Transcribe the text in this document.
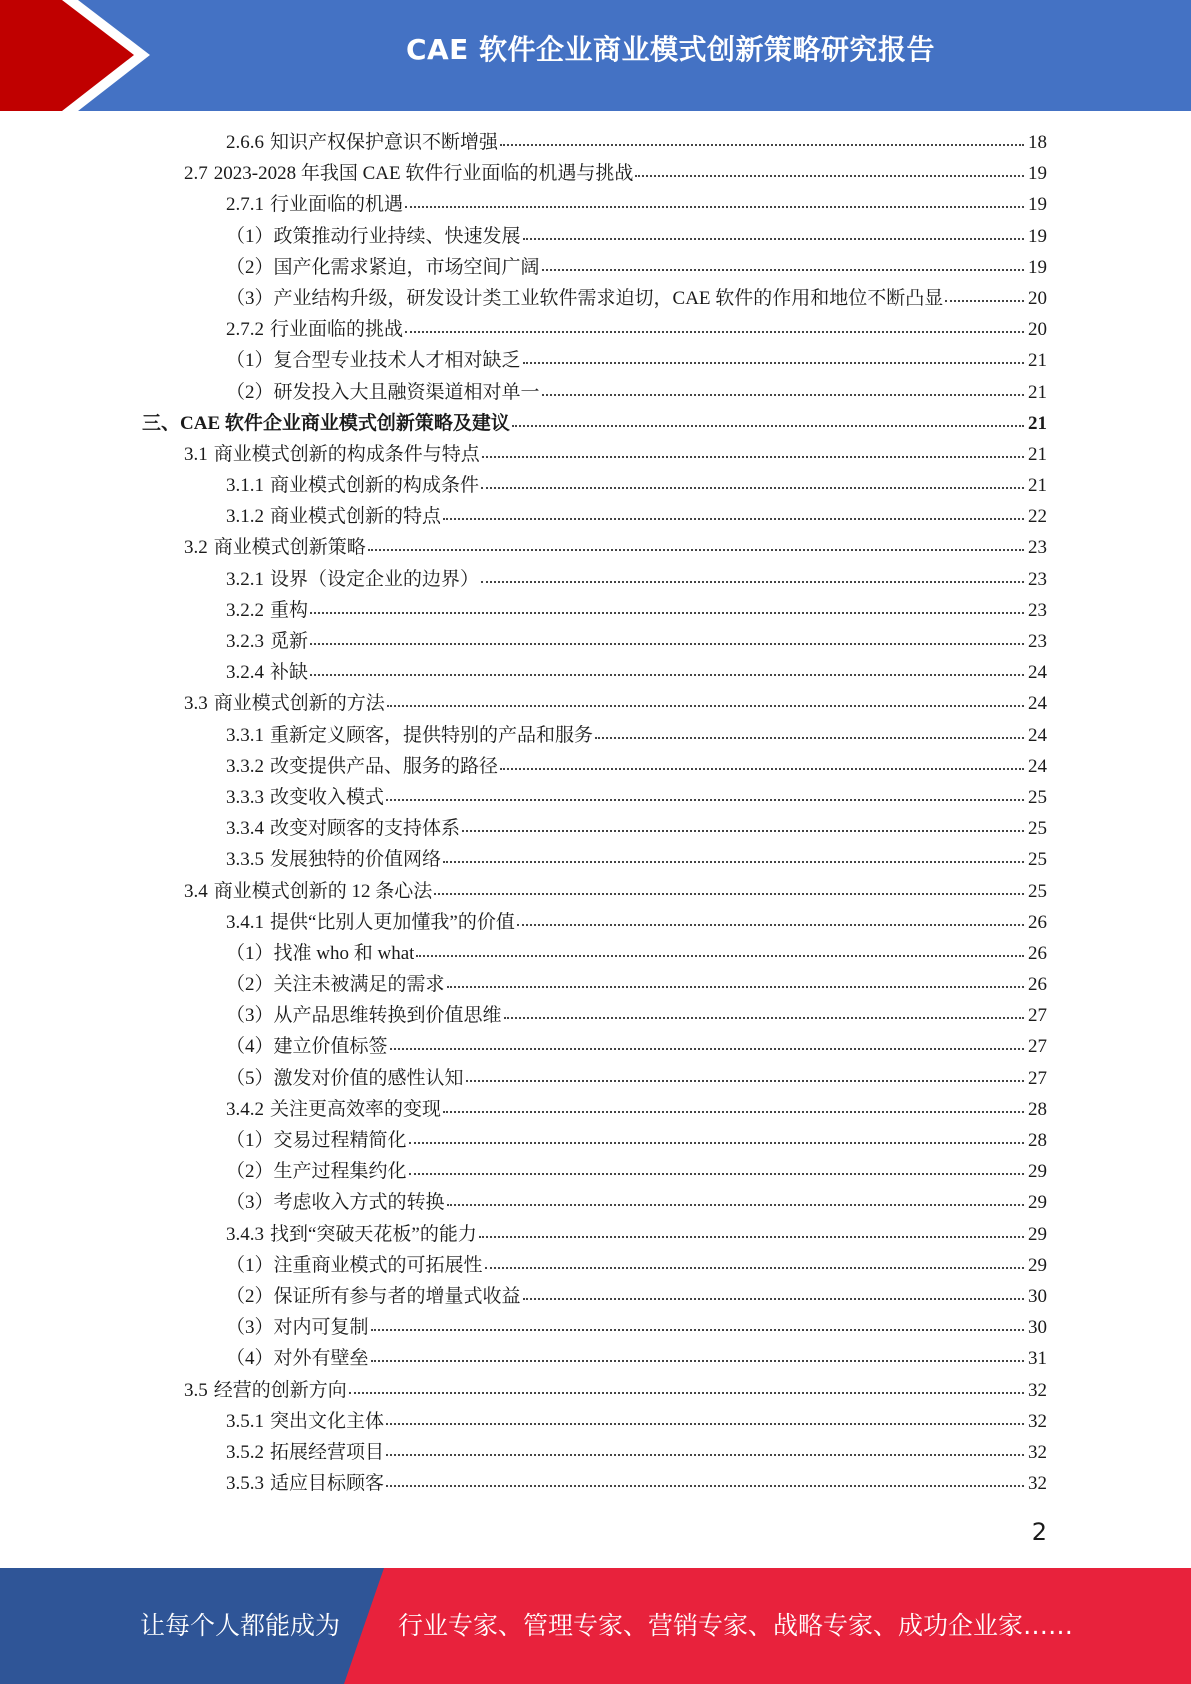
CAE 软件企业商业模式创新策略研究报告
2.6.6 知识产权保护意识不断增强	18
2.7 2023-2028 年我国 CAE 软件行业面临的机遇与挑战	19
2.7.1 行业面临的机遇	19
（1） 政策推动行业持续、快速发展	19
（2） 国产化需求紧迫，市场空间广阔	19
（3） 产业结构升级，研发设计类工业软件需求迫切，CAE 软件的作用和地位不断凸显	20
2.7.2 行业面临的挑战	20
（1） 复合型专业技术人才相对缺乏	21
（2） 研发投入大且融资渠道相对单一	21
三、 CAE 软件企业商业模式创新策略及建议	21
3.1 商业模式创新的构成条件与特点	21
3.1.1 商业模式创新的构成条件	21
3.1.2 商业模式创新的特点	22
3.2 商业模式创新策略	23
3.2.1 设界（设定企业的边界）	23
3.2.2 重构	23
3.2.3 觅新	23
3.2.4 补缺	24
3.3 商业模式创新的方法	24
3.3.1 重新定义顾客，提供特别的产品和服务	24
3.3.2 改变提供产品、服务的路径	24
3.3.3 改变收入模式	25
3.3.4 改变对顾客的支持体系	25
3.3.5 发展独特的价值网络	25
3.4 商业模式创新的 12 条心法	25
3.4.1 提供“比别人更加懂我”的价值	26
（1） 找准 who 和 what	26
（2） 关注未被满足的需求	26
（3） 从产品思维转换到价值思维	27
（4） 建立价值标签	27
（5） 激发对价值的感性认知	27
3.4.2 关注更高效率的变现	28
（1） 交易过程精简化	28
（2） 生产过程集约化	29
（3） 考虑收入方式的转换	29
3.4.3 找到“突破天花板”的能力	29
（1） 注重商业模式的可拓展性	29
（2） 保证所有参与者的增量式收益	30
（3） 对内可复制	30
（4） 对外有壁垒	31
3.5 经营的创新方向	32
3.5.1 突出文化主体	32
3.5.2 拓展经营项目	32
3.5.3 适应目标顾客	32
2
让每个人都能成为 行业专家、管理专家、营销专家、战略专家、成功企业家……
